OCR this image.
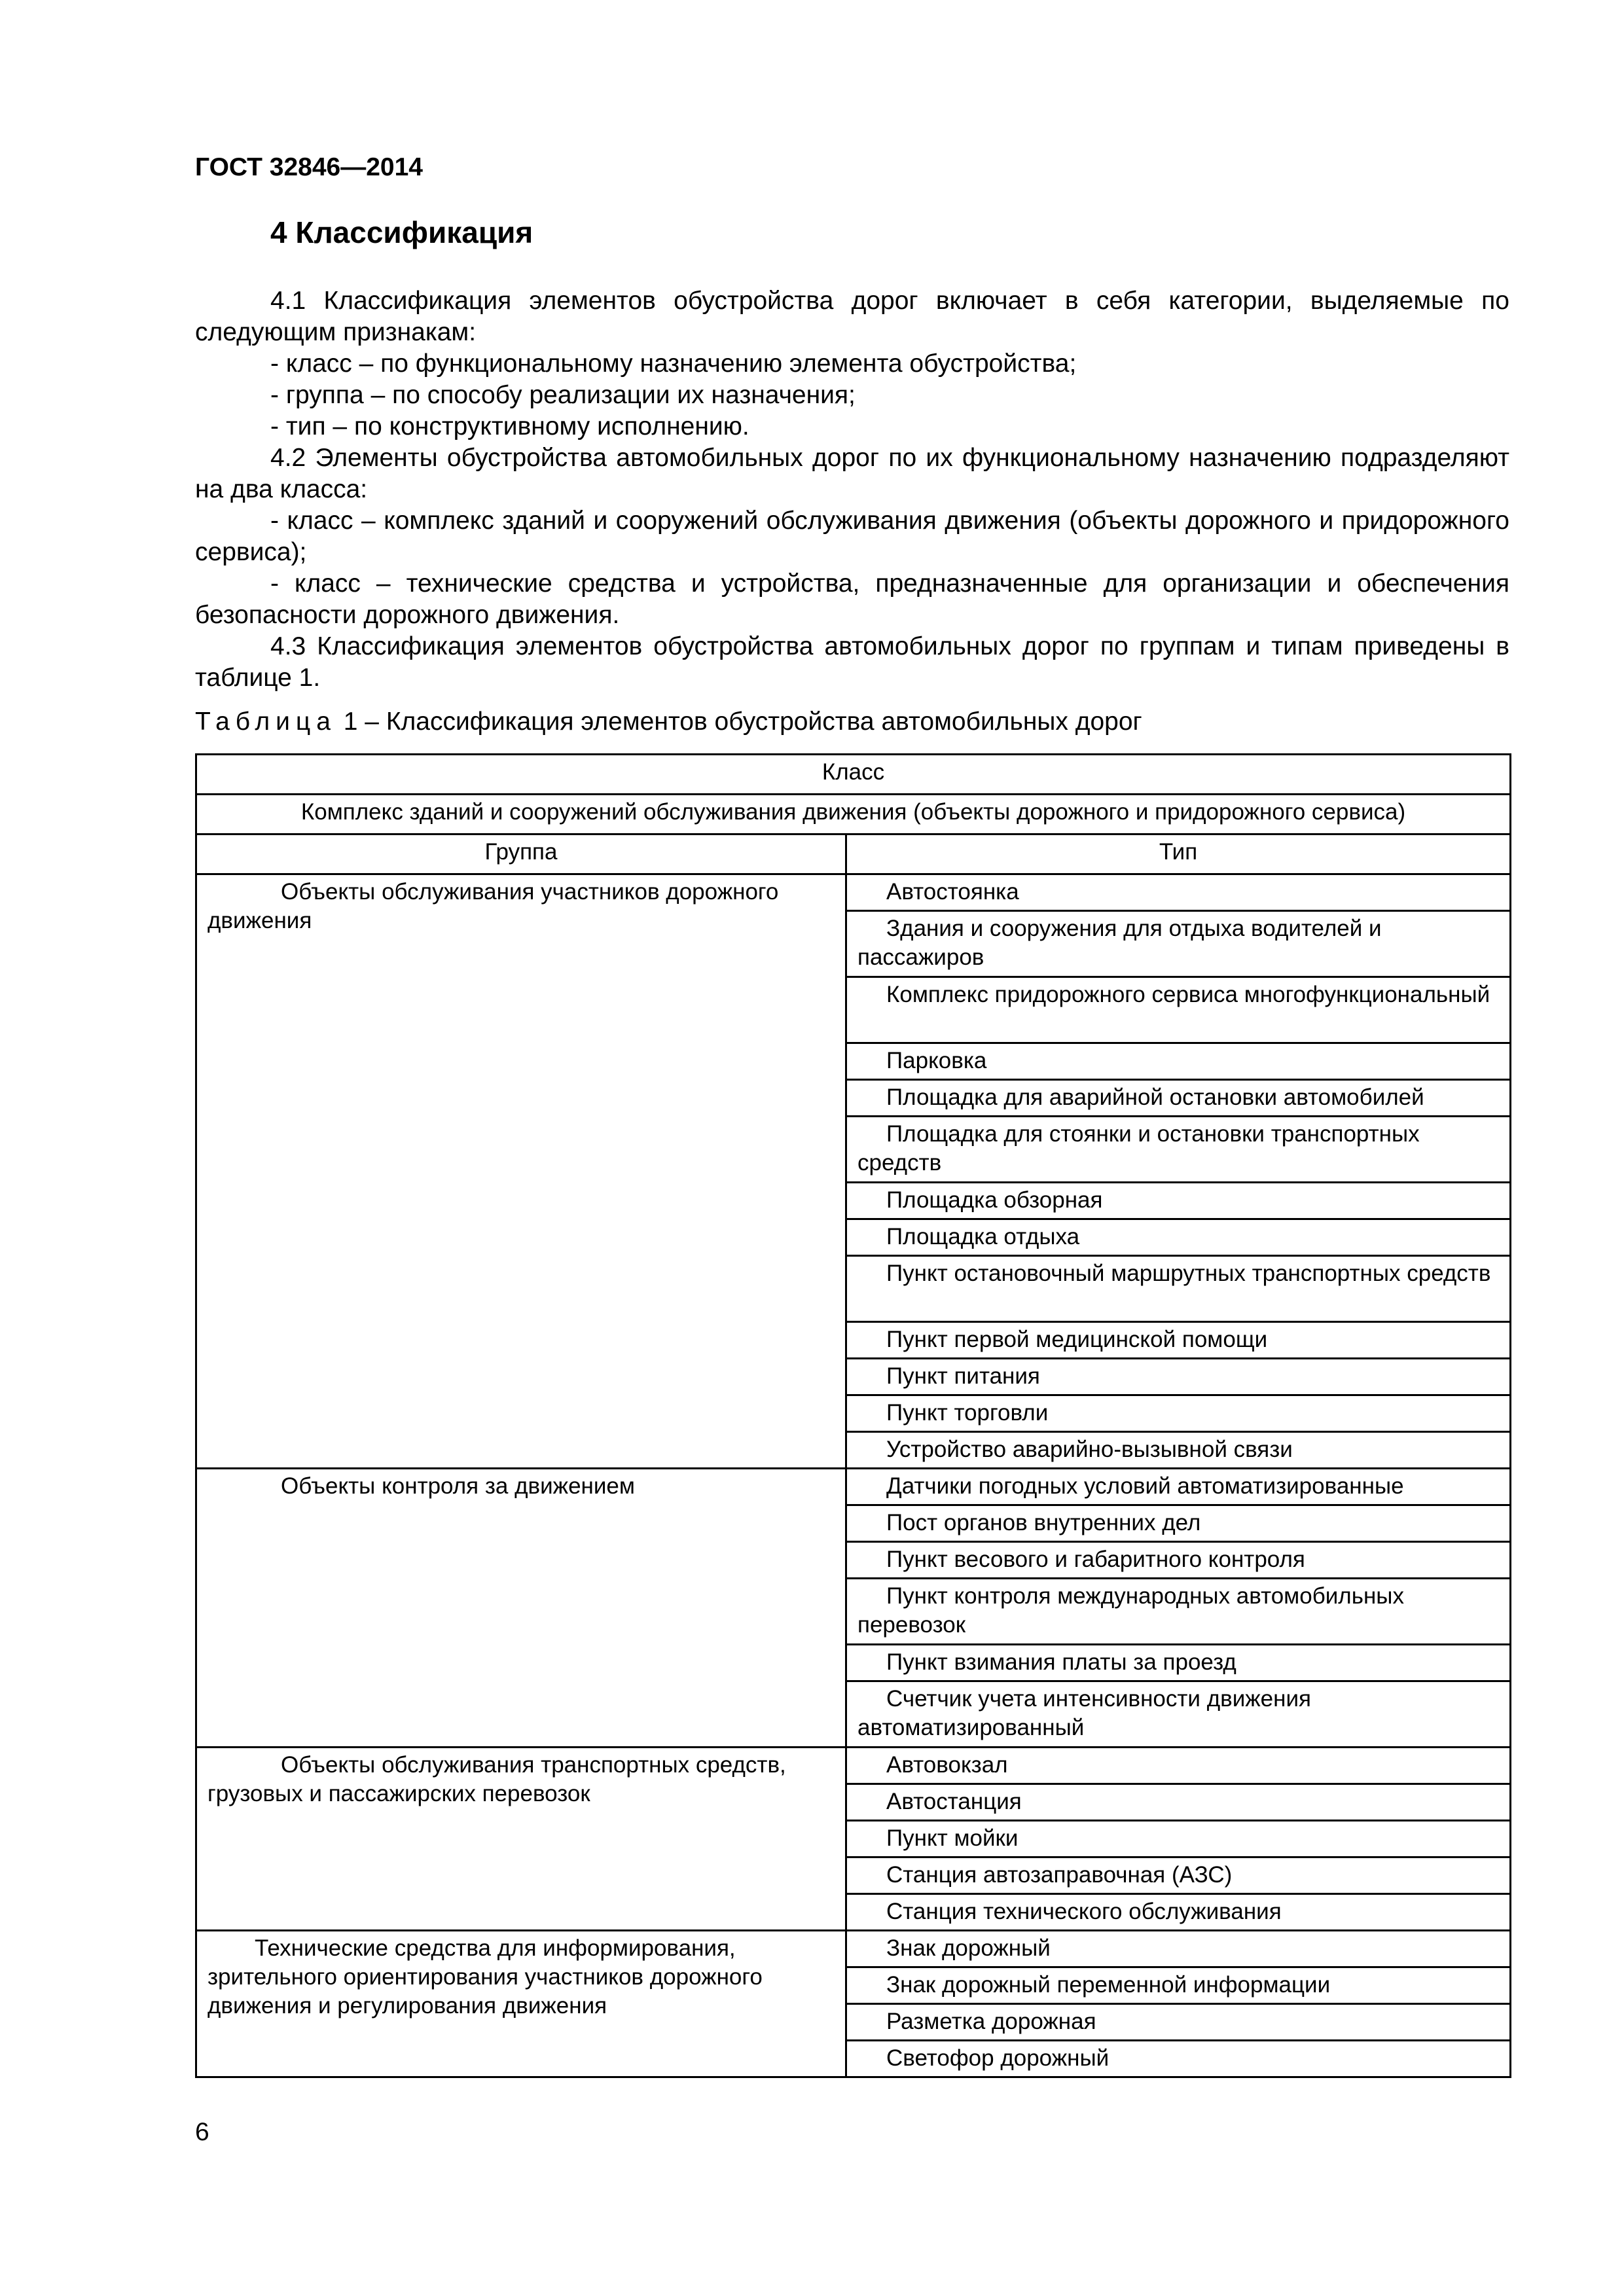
ГОСТ 32846—2014
4 Классификация

4.1 Классификация элементов обустройства дорог включает в себя категории, выделяемые по следующим признакам:

- класс – по функциональному назначению элемента обустройства;

- группа – по способу реализации их назначения;

- тип – по конструктивному исполнению.

4.2 Элементы обустройства автомобильных дорог по их функциональному назначению подразделяют на два класса:

- класс – комплекс зданий и сооружений обслуживания движения (объекты дорожного и придорожного сервиса);

- класс – технические средства и устройства, предназначенные для организации и обеспечения безопасности дорожного движения.

4.3 Классификация элементов обустройства автомобильных дорог по группам и типам приведены в таблице 1.

Таблица 1 – Классификация элементов обустройства автомобильных дорог
Класс	
Комплекс зданий и сооружений обслуживания движения (объекты дорожного и придорожного сервиса)	
Группа	Тип
Объекты обслуживания участников дорожного движения	Автостоянка
	Здания и сооружения для отдыха водителей и пассажиров
	Комплекс придорожного сервиса многофункциональный
	Парковка
	Площадка для аварийной остановки автомобилей
	Площадка для стоянки и остановки транспортных средств
	Площадка обзорная
	Площадка отдыха
	Пункт остановочный маршрутных транспортных средств
	Пункт первой медицинской помощи
	Пункт питания
	Пункт торговли
	Устройство аварийно-вызывной связи
Объекты контроля за движением	Датчики погодных условий автоматизированные
	Пост органов внутренних дел
	Пункт весового и габаритного контроля
	Пункт контроля международных автомобильных перевозок
	Пункт взимания платы за проезд
	Счетчик учета интенсивности движения автоматизированный
Объекты обслуживания транспортных средств, грузовых и пассажирских перевозок	Автовокзал
	Автостанция
	Пункт мойки
	Станция автозаправочная (АЗС)
	Станция технического обслуживания
Технические средства для информирования, зрительного ориентирования участников дорожного движения и регулирования движения	Знак дорожный
	Знак дорожный переменной информации
	Разметка дорожная
	Светофор дорожный
6
